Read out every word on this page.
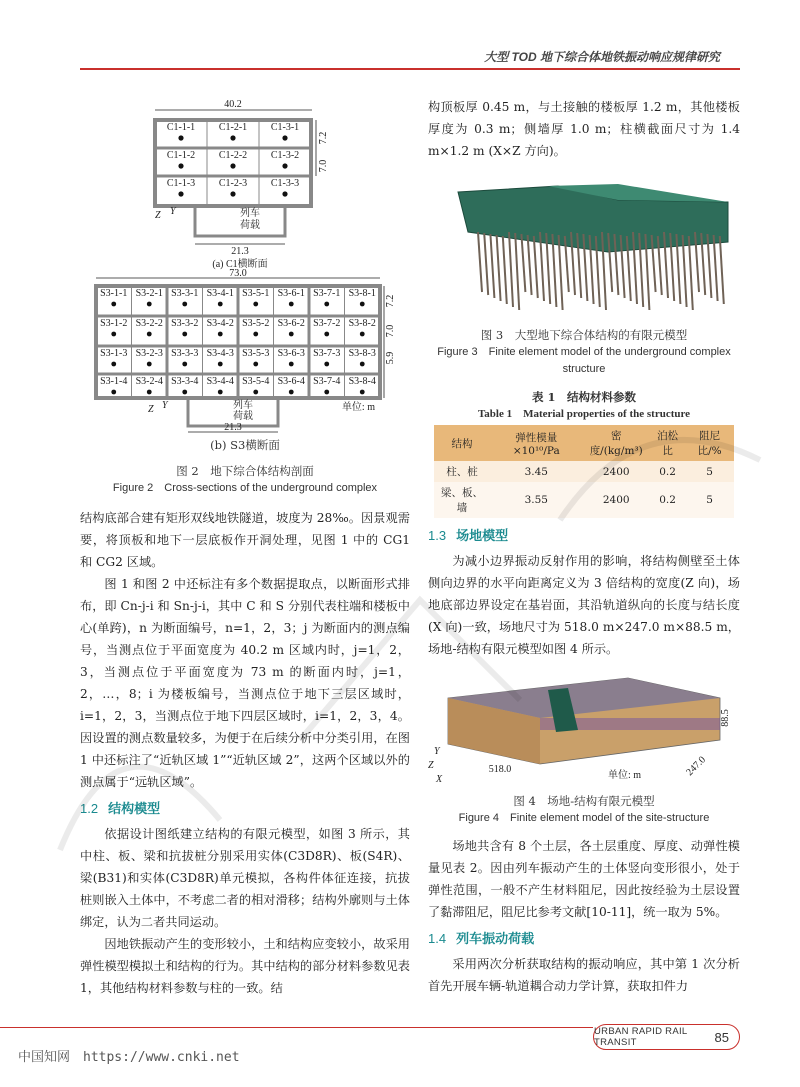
大型 TOD 地下综合体地铁振动响应规律研究
40.2
C1-1-1 C1-2-1 C1-3-1
C1-1-2 C1-2-2 C1-3-2
C1-1-3 C1-2-3 C1-3-3
7.2
7.0
列车
荷载
21.3
(a) C1横断面
Y
Z
73.0
S3-1-1 S3-2-1 S3-3-1 S3-4-1 S3-5-1 S3-6-1 S3-7-1 S3-8-1
S3-1-2 S3-2-2 S3-3-2 S3-4-2 S3-5-2 S3-6-2 S3-7-2 S3-8-2
S3-1-3 S3-2-3 S3-3-3 S3-4-3 S3-5-3 S3-6-3 S3-7-3 S3-8-3
S3-1-4 S3-2-4 S3-3-4 S3-4-4 S3-5-4 S3-6-4 S3-7-4 S3-8-4
7.2
7.0
5.9
列车
荷载
21.3
单位: m
Y
Z
(b) S3横断面
图 2　地下综合体结构剖面
Figure 2　Cross-sections of the underground complex

结构底部合建有矩形双线地铁隧道，坡度为 28‰。因景观需要，将顶板和地下一层底板作开洞处理，见图 1 中的 CG1 和 CG2 区域。

图 1 和图 2 中还标注有多个数据提取点，以断面形式排布，即 Cn-j-i 和 Sn-j-i，其中 C 和 S 分别代表柱端和楼板中心(单跨)，n 为断面编号，n=1，2，3；j 为断面内的测点编号，当测点位于平面宽度为 40.2 m 区域内时，j=1，2，3，当测点位于平面宽度为 73 m 的断面内时，j=1，2，…，8；i 为楼板编号，当测点位于地下三层区域时，i=1，2，3，当测点位于地下四层区域时，i=1，2，3，4。因设置的测点数量较多，为便于在后续分析中分类引用，在图 1 中还标注了“近轨区域 1”“近轨区域 2”，这两个区域以外的测点属于“远轨区域”。

1.2 结构模型

依据设计图纸建立结构的有限元模型，如图 3 所示，其中柱、板、梁和抗拔桩分别采用实体(C3D8R)、板(S4R)、梁(B31)和实体(C3D8R)单元模拟，各构件体征连接，抗拔桩则嵌入土体中，不考虑二者的相对滑移；结构外廓则与土体绑定，认为二者共同运动。

因地铁振动产生的变形较小，土和结构应变较小，故采用弹性模型模拟土和结构的行为。其中结构的部分材料参数见表 1，其他结构材料参数与柱的一致。结

构顶板厚 0.45 m，与土接触的楼板厚 1.2 m，其他楼板厚度为 0.3 m；侧墙厚 1.0 m；柱横截面尺寸为 1.4 m×1.2 m (X×Z 方向)。

图 3　大型地下综合体结构的有限元模型
Figure 3　Finite element model of the underground complex structure
表 1　结构材料参数
Table 1　Material properties of the structure
结构	弹性模量×10¹⁰/Pa	密度/(kg/m³)	泊松比	阻尼比/%
柱、桩	3.45	2400	0.2	5
梁、板、墙	3.55	2400	0.2	5
1.3 场地模型

为减小边界振动反射作用的影响，将结构侧壁至土体侧向边界的水平向距离定义为 3 倍结构的宽度(Z 向)，场地底部边界设定在基岩面，其沿轨道纵向的长度与结长度(X 向)一致，场地尺寸为 518.0 m×247.0 m×88.5 m，场地-结构有限元模型如图 4 所示。

518.0	247.0
88.5
单位: m
Y
Z
X
图 4　场地-结构有限元模型
Figure 4　Finite element model of the site-structure

场地共含有 8 个土层，各土层重度、厚度、动弹性模量见表 2。因由列车振动产生的土体竖向变形很小，处于弹性范围，一般不产生材料阻尼，因此按经验为土层设置了黏滞阻尼，阻尼比参考文献[10-11]，统一取为 5%。

1.4 列车振动荷载

采用两次分析获取结构的振动响应，其中第 1 次分析首先开展车辆-轨道耦合动力学计算，获取扣件力

URBAN RAPID RAIL TRANSIT	85
中国知网　https://www.cnki.net
